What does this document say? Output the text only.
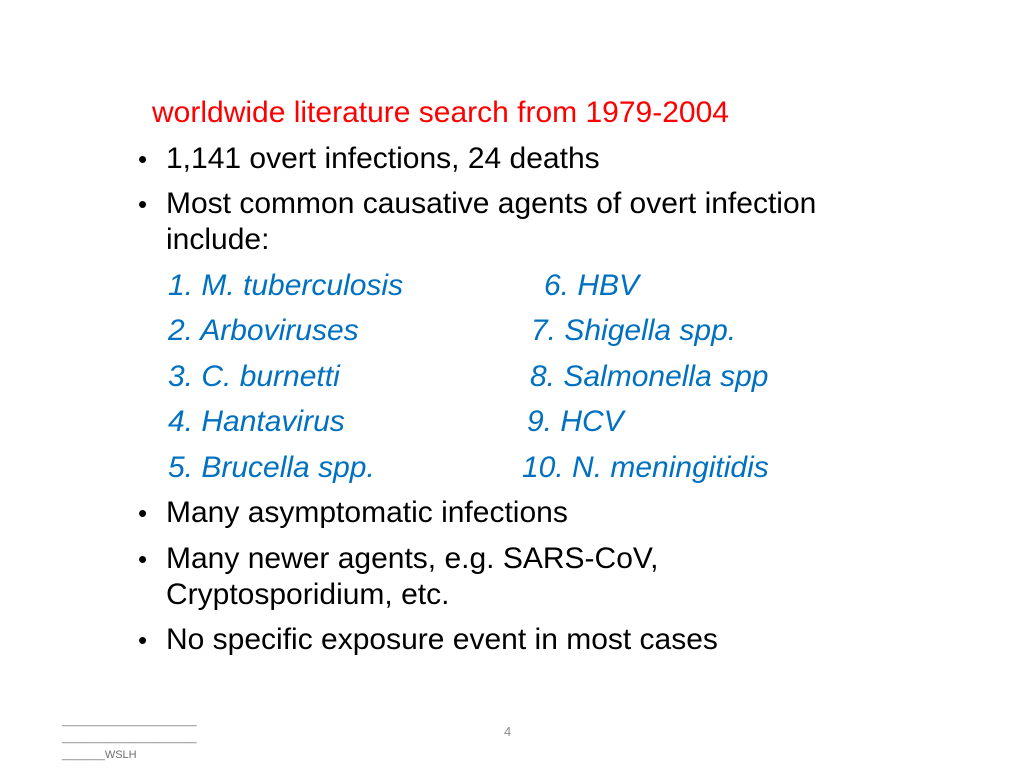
worldwide literature search from 1979-2004
• 1,141 overt infections, 24 deaths
• Most common causative agents of overt infection
include:
1. M. tuberculosis
2. Arboviruses
3. C. burnetti
4. Hantavirus
5. Brucella spp.
6. HBV
7. Shigella spp.
8. Salmonella spp
9. HCV
10. N. meningitidis
• Many asymptomatic infections
• Many newer agents, e.g. SARS-CoV,
Cryptosporidium, etc.
• No specific exposure event in most cases
______________________
______________________
_______WSLH
4
